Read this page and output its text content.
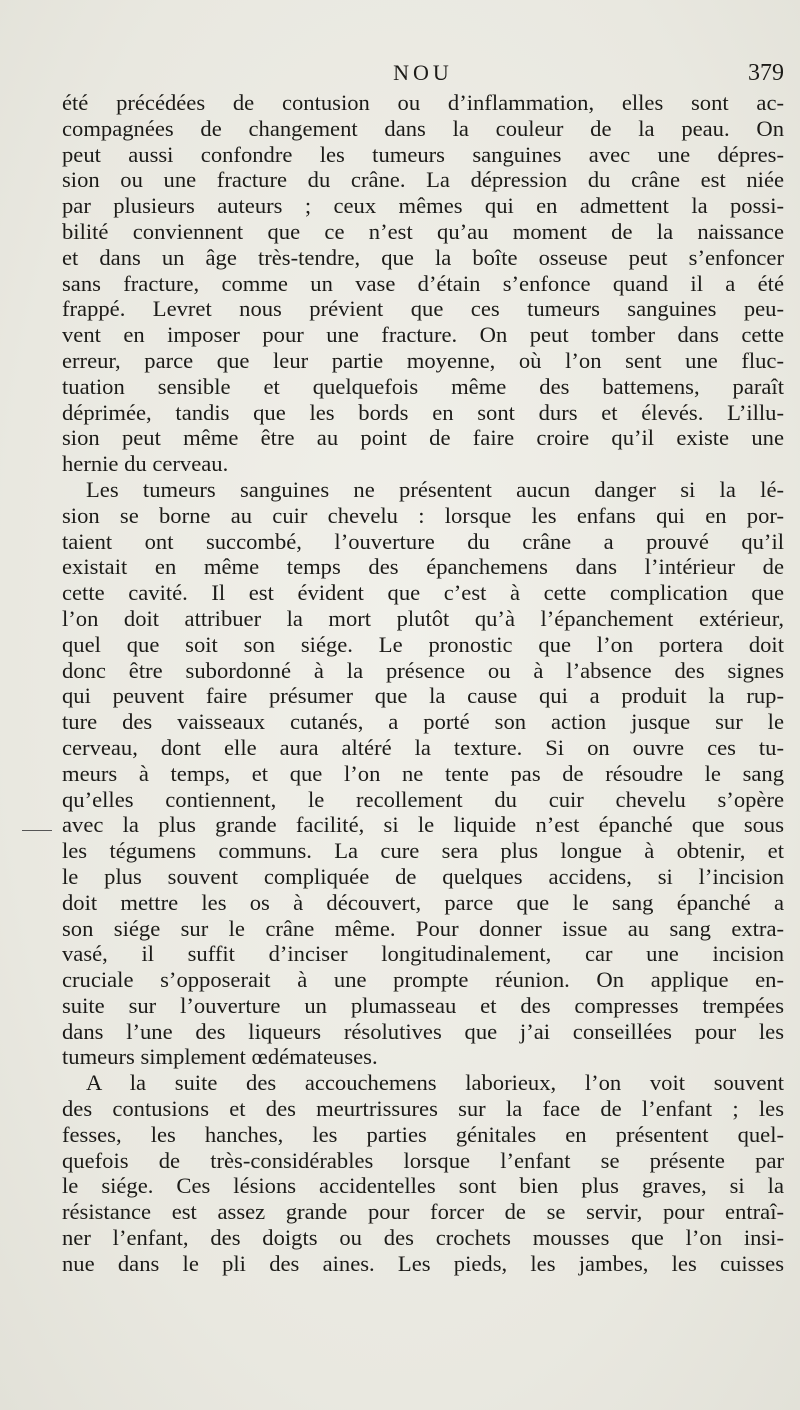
NOU	379
été précédées de contusion ou d’inflammation, elles sont ac-
compagnées de changement dans la couleur de la peau. On
peut aussi confondre les tumeurs sanguines avec une dépres-
sion ou une fracture du crâne. La dépression du crâne est niée
par plusieurs auteurs ; ceux mêmes qui en admettent la possi-
bilité conviennent que ce n’est qu’au moment de la naissance
et dans un âge très-tendre, que la boîte osseuse peut s’enfoncer
sans fracture, comme un vase d’étain s’enfonce quand il a été
frappé. Levret nous prévient que ces tumeurs sanguines peu-
vent en imposer pour une fracture. On peut tomber dans cette
erreur, parce que leur partie moyenne, où l’on sent une fluc-
tuation sensible et quelquefois même des battemens, paraît
déprimée, tandis que les bords en sont durs et élevés. L’illu-
sion peut même être au point de faire croire qu’il existe une
hernie du cerveau.
Les tumeurs sanguines ne présentent aucun danger si la lé-
sion se borne au cuir chevelu : lorsque les enfans qui en por-
taient ont succombé, l’ouverture du crâne a prouvé qu’il
existait en même temps des épanchemens dans l’intérieur de
cette cavité. Il est évident que c’est à cette complication que
l’on doit attribuer la mort plutôt qu’à l’épanchement extérieur,
quel que soit son siége. Le pronostic que l’on portera doit
donc être subordonné à la présence ou à l’absence des signes
qui peuvent faire présumer que la cause qui a produit la rup-
ture des vaisseaux cutanés, a porté son action jusque sur le
cerveau, dont elle aura altéré la texture. Si on ouvre ces tu-
meurs à temps, et que l’on ne tente pas de résoudre le sang
qu’elles contiennent, le recollement du cuir chevelu s’opère
avec la plus grande facilité, si le liquide n’est épanché que sous
les tégumens communs. La cure sera plus longue à obtenir, et
le plus souvent compliquée de quelques accidens, si l’incision
doit mettre les os à découvert, parce que le sang épanché a
son siége sur le crâne même. Pour donner issue au sang extra-
vasé, il suffit d’inciser longitudinalement, car une incision
cruciale s’opposerait à une prompte réunion. On applique en-
suite sur l’ouverture un plumasseau et des compresses trempées
dans l’une des liqueurs résolutives que j’ai conseillées pour les
tumeurs simplement œdémateuses.
A la suite des accouchemens laborieux, l’on voit souvent
des contusions et des meurtrissures sur la face de l’enfant ; les
fesses, les hanches, les parties génitales en présentent quel-
quefois de très-considérables lorsque l’enfant se présente par
le siége. Ces lésions accidentelles sont bien plus graves, si la
résistance est assez grande pour forcer de se servir, pour entraî-
ner l’enfant, des doigts ou des crochets mousses que l’on insi-
nue dans le pli des aines. Les pieds, les jambes, les cuisses
